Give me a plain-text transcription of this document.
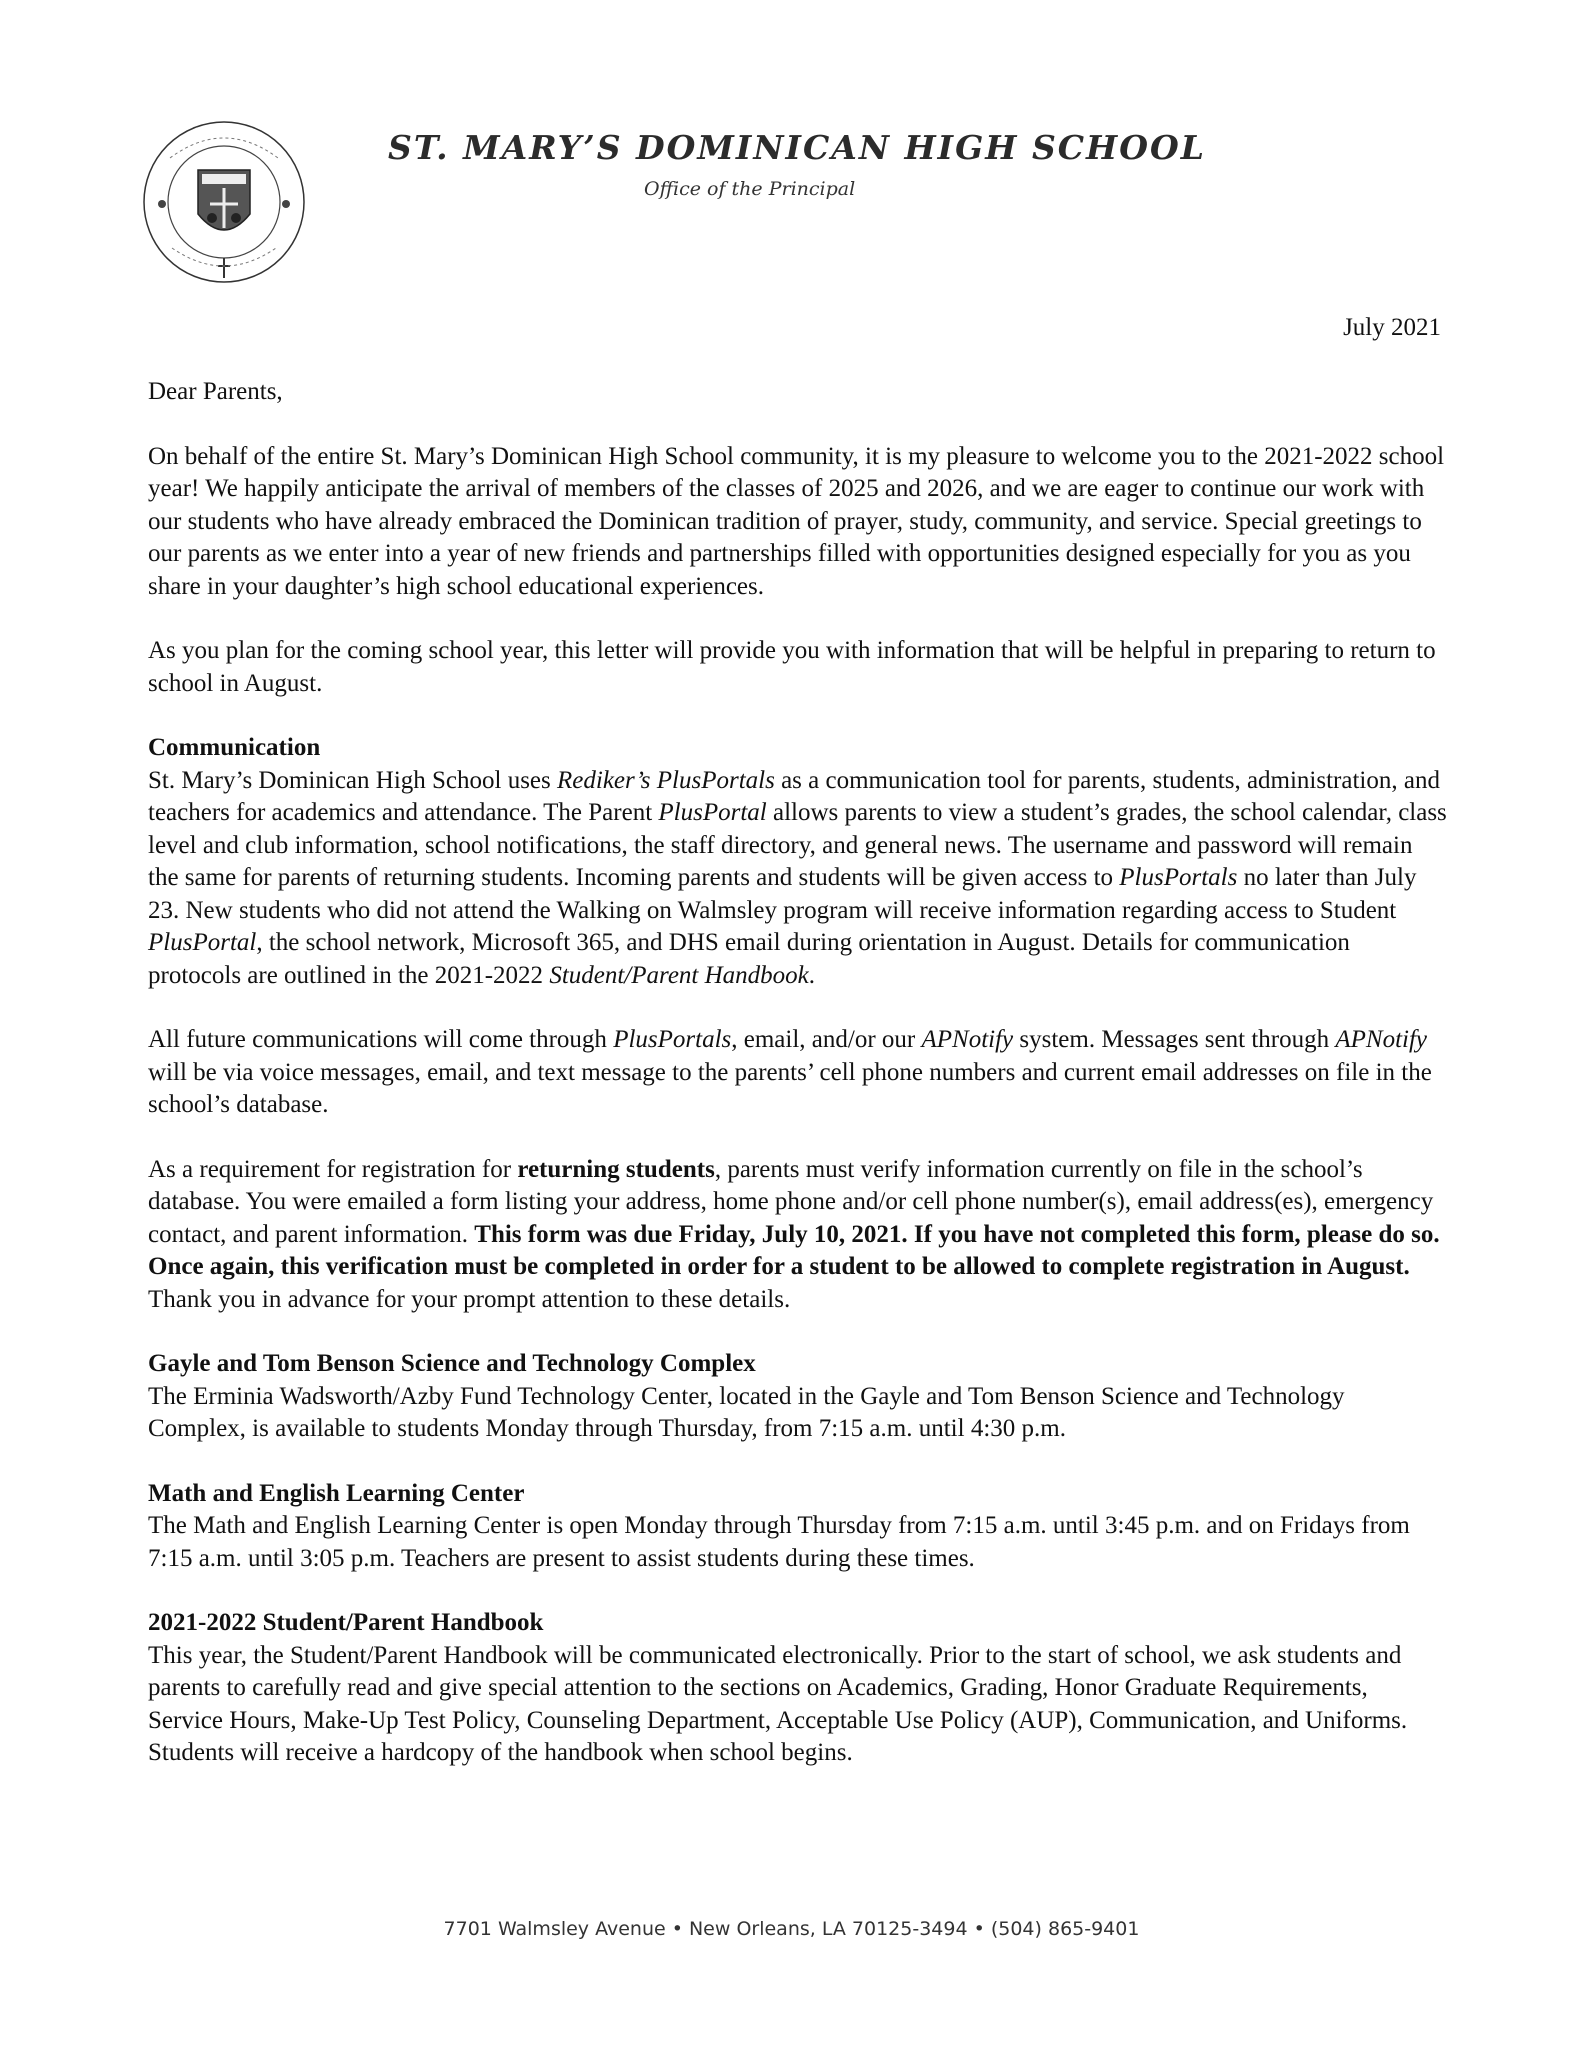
ST. MARY’S DOMINICAN HIGH SCHOOL
Office of the Principal
July 2021

Dear Parents,

On behalf of the entire St. Mary’s Dominican High School community, it is my pleasure to welcome you to the 2021-2022 school year! We happily anticipate the arrival of members of the classes of 2025 and 2026, and we are eager to continue our work with our students who have already embraced the Dominican tradition of prayer, study, community, and service. Special greetings to our parents as we enter into a year of new friends and partnerships filled with opportunities designed especially for you as you share in your daughter’s high school educational experiences.

As you plan for the coming school year, this letter will provide you with information that will be helpful in preparing to return to school in August.

Communication

St. Mary’s Dominican High School uses Rediker’s PlusPortals as a communication tool for parents, students, administration, and teachers for academics and attendance. The Parent PlusPortal allows parents to view a student’s grades, the school calendar, class level and club information, school notifications, the staff directory, and general news. The username and password will remain the same for parents of returning students. Incoming parents and students will be given access to PlusPortals no later than July 23. New students who did not attend the Walking on Walmsley program will receive information regarding access to Student PlusPortal, the school network, Microsoft 365, and DHS email during orientation in August. Details for communication protocols are outlined in the 2021-2022 Student/Parent Handbook.

All future communications will come through PlusPortals, email, and/or our APNotify system. Messages sent through APNotify will be via voice messages, email, and text message to the parents’ cell phone numbers and current email addresses on file in the school’s database.

As a requirement for registration for returning students, parents must verify information currently on file in the school’s database. You were emailed a form listing your address, home phone and/or cell phone number(s), email address(es), emergency contact, and parent information. This form was due Friday, July 10, 2021. If you have not completed this form, please do so. Once again, this verification must be completed in order for a student to be allowed to complete registration in August. Thank you in advance for your prompt attention to these details.

Gayle and Tom Benson Science and Technology Complex

The Erminia Wadsworth/Azby Fund Technology Center, located in the Gayle and Tom Benson Science and Technology Complex, is available to students Monday through Thursday, from 7:15 a.m. until 4:30 p.m.

Math and English Learning Center

The Math and English Learning Center is open Monday through Thursday from 7:15 a.m. until 3:45 p.m. and on Fridays from 7:15 a.m. until 3:05 p.m. Teachers are present to assist students during these times.

2021-2022 Student/Parent Handbook

This year, the Student/Parent Handbook will be communicated electronically. Prior to the start of school, we ask students and parents to carefully read and give special attention to the sections on Academics, Grading, Honor Graduate Requirements, Service Hours, Make-Up Test Policy, Counseling Department, Acceptable Use Policy (AUP), Communication, and Uniforms. Students will receive a hardcopy of the handbook when school begins.

7701 Walmsley Avenue • New Orleans, LA 70125-3494 • (504) 865-9401
